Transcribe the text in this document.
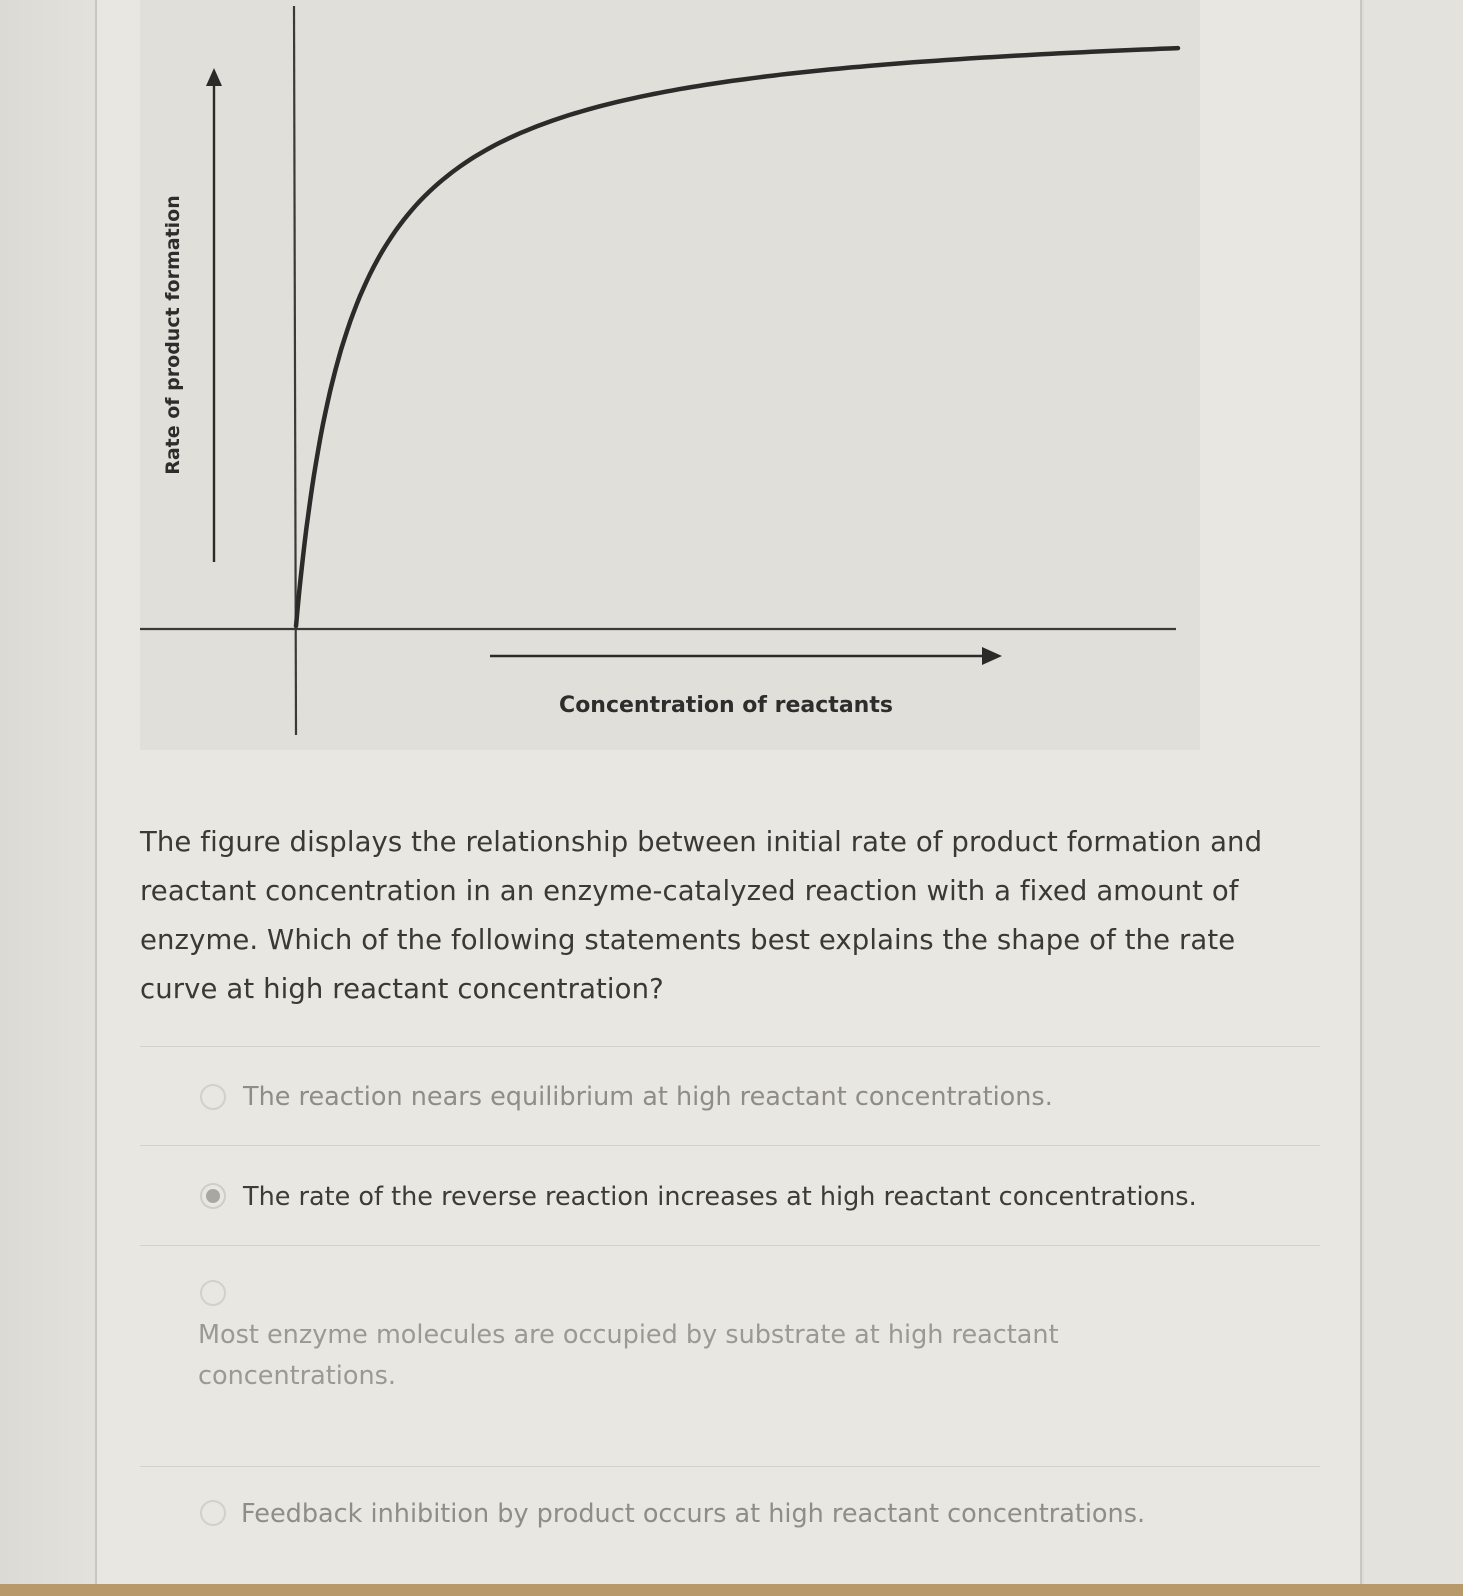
Rate of product formation
Concentration of reactants
The figure displays the relationship between initial rate of product formation and reactant concentration in an enzyme-catalyzed reaction with a fixed amount of enzyme. Which of the following statements best explains the shape of the rate curve at high reactant concentration?
The reaction nears equilibrium at high reactant concentrations.
The rate of the reverse reaction increases at high reactant concentrations.
Most enzyme molecules are occupied by substrate at high reactant concentrations.
Feedback inhibition by product occurs at high reactant concentrations.
